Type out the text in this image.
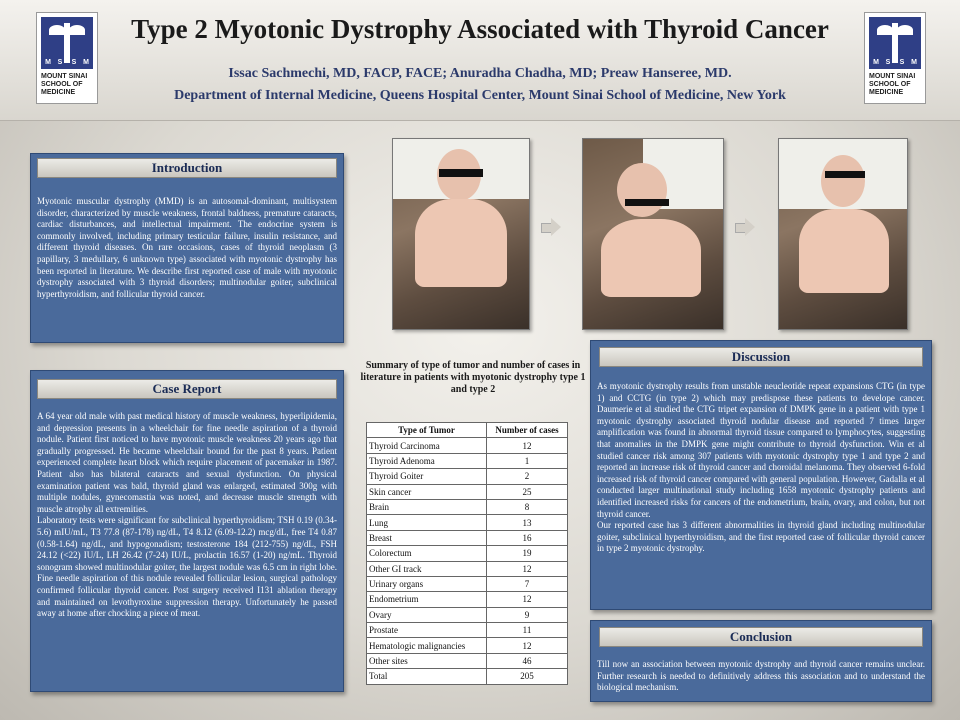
M S	S M
MOUNT SINAI
SCHOOL OF
MEDICINE
Type 2 Myotonic Dystrophy Associated with Thyroid Cancer
Issac Sachmechi, MD, FACP, FACE; Anuradha Chadha, MD; Preaw Hanseree, MD.
Department of Internal Medicine, Queens Hospital Center, Mount Sinai School of Medicine, New York
M S	S M
MOUNT SINAI
SCHOOL OF
MEDICINE
Introduction
Myotonic muscular dystrophy (MMD) is an autosomal-dominant, multisystem disorder, characterized by muscle weakness, frontal baldness, premature cataracts, cardiac disturbances, and intellectual impairment. The endocrine system is commonly involved, including primary testicular failure, insulin resistance, and different thyroid diseases. On rare occasions, cases of thyroid neoplasm (3 papillary, 3 medullary, 6 unknown type) associated with myotonic dystrophy has been reported in literature. We describe first reported case of male with myotonic dystrophy associated with 3 thyroid disorders; multinodular goiter, subclinical hyperthyroidism, and follicular thyroid cancer.
Case Report
A 64 year old male with past medical history of muscle weakness, hyperlipidemia, and depression presents in a wheelchair for fine needle aspiration of a thyroid nodule. Patient first noticed to have myotonic muscle weakness 20 years ago that gradually progressed. He became wheelchair bound for the past 8 years. Patient experienced complete heart block which require placement of pacemaker in 1987. Patient also has bilateral cataracts and sexual dysfunction. On physical examination patient was bald, thyroid gland was enlarged, estimated 300g with multiple nodules, gynecomastia was noted, and decrease muscle strength with muscle atrophy all extremities.
Laboratory tests were significant for subclinical hyperthyroidism; TSH 0.19 (0.34-5.6) mIU/mL, T3 77.8 (87-178) ng/dL, T4 8.12 (6.09-12.2) mcg/dL, free T4 0.87 (0.58-1.64) ng/dL, and hypogonadism; testosterone 184 (212-755) ng/dL, FSH 24.12 (<22) IU/L, LH 26.42 (7-24) IU/L, prolactin 16.57 (1-20) ng/mL. Thyroid sonogram showed multinodular goiter, the largest nodule was 6.5 cm in right lobe. Fine needle aspiration of this nodule revealed follicular lesion, surgical pathology confirmed follicular thyroid cancer. Post surgery received I131 ablation therapy and maintained on levothyroxine suppression therapy. Unfortunately he passed away at home after chocking a piece of meat.
Summary of type of tumor and number of cases in literature in patients with myotonic dystrophy type 1 and type 2
Type of Tumor	Number of cases
Thyroid Carcinoma	12
Thyroid Adenoma	1
Thyroid Goiter	2
Skin cancer	25
Brain	8
Lung	13
Breast	16
Colorectum	19
Other GI track	12
Urinary organs	7
Endometrium	12
Ovary	9
Prostate	11
Hematologic malignancies	12
Other sites	46
Total	205
Discussion
As myotonic dystrophy results from unstable neucleotide repeat expansions CTG (in type 1) and CCTG (in type 2) which may predispose these patients to develope cancer. Daumerie et al studied the CTG tripet expansion of DMPK gene in a patient with type 1 myotonic dystrophy associated thyroid nodular disease and reported 7 times larger amplification was found in abnormal thyroid tissue compared to lymphocytes, suggesting that anomalies in the DMPK gene might contribute to thyroid dysfunction. Win et al studied cancer risk among 307 patients with myotonic dystrophy type 1 and type 2 and reported an increase risk of thyroid cancer and choroidal melanoma. They observed 6-fold increased risk of thyroid cancer compared with general population. However, Gadalla et al conducted larger multinational study including 1658 myotonic dystrophy patients and identified increased risks for cancers of the endometrium, brain, ovary, and colon, but not thyroid cancer.
Our reported case has 3 different abnormalities in thyroid gland including multinodular goiter, subclinical hyperthyroidism, and the first reported case of follicular thyroid cancer in type 2 myotonic dystrophy.
Conclusion
Till now an association between myotonic dystrophy and thyroid cancer remains unclear. Further research is needed to definitively address this association and to understand the biological mechanism.
